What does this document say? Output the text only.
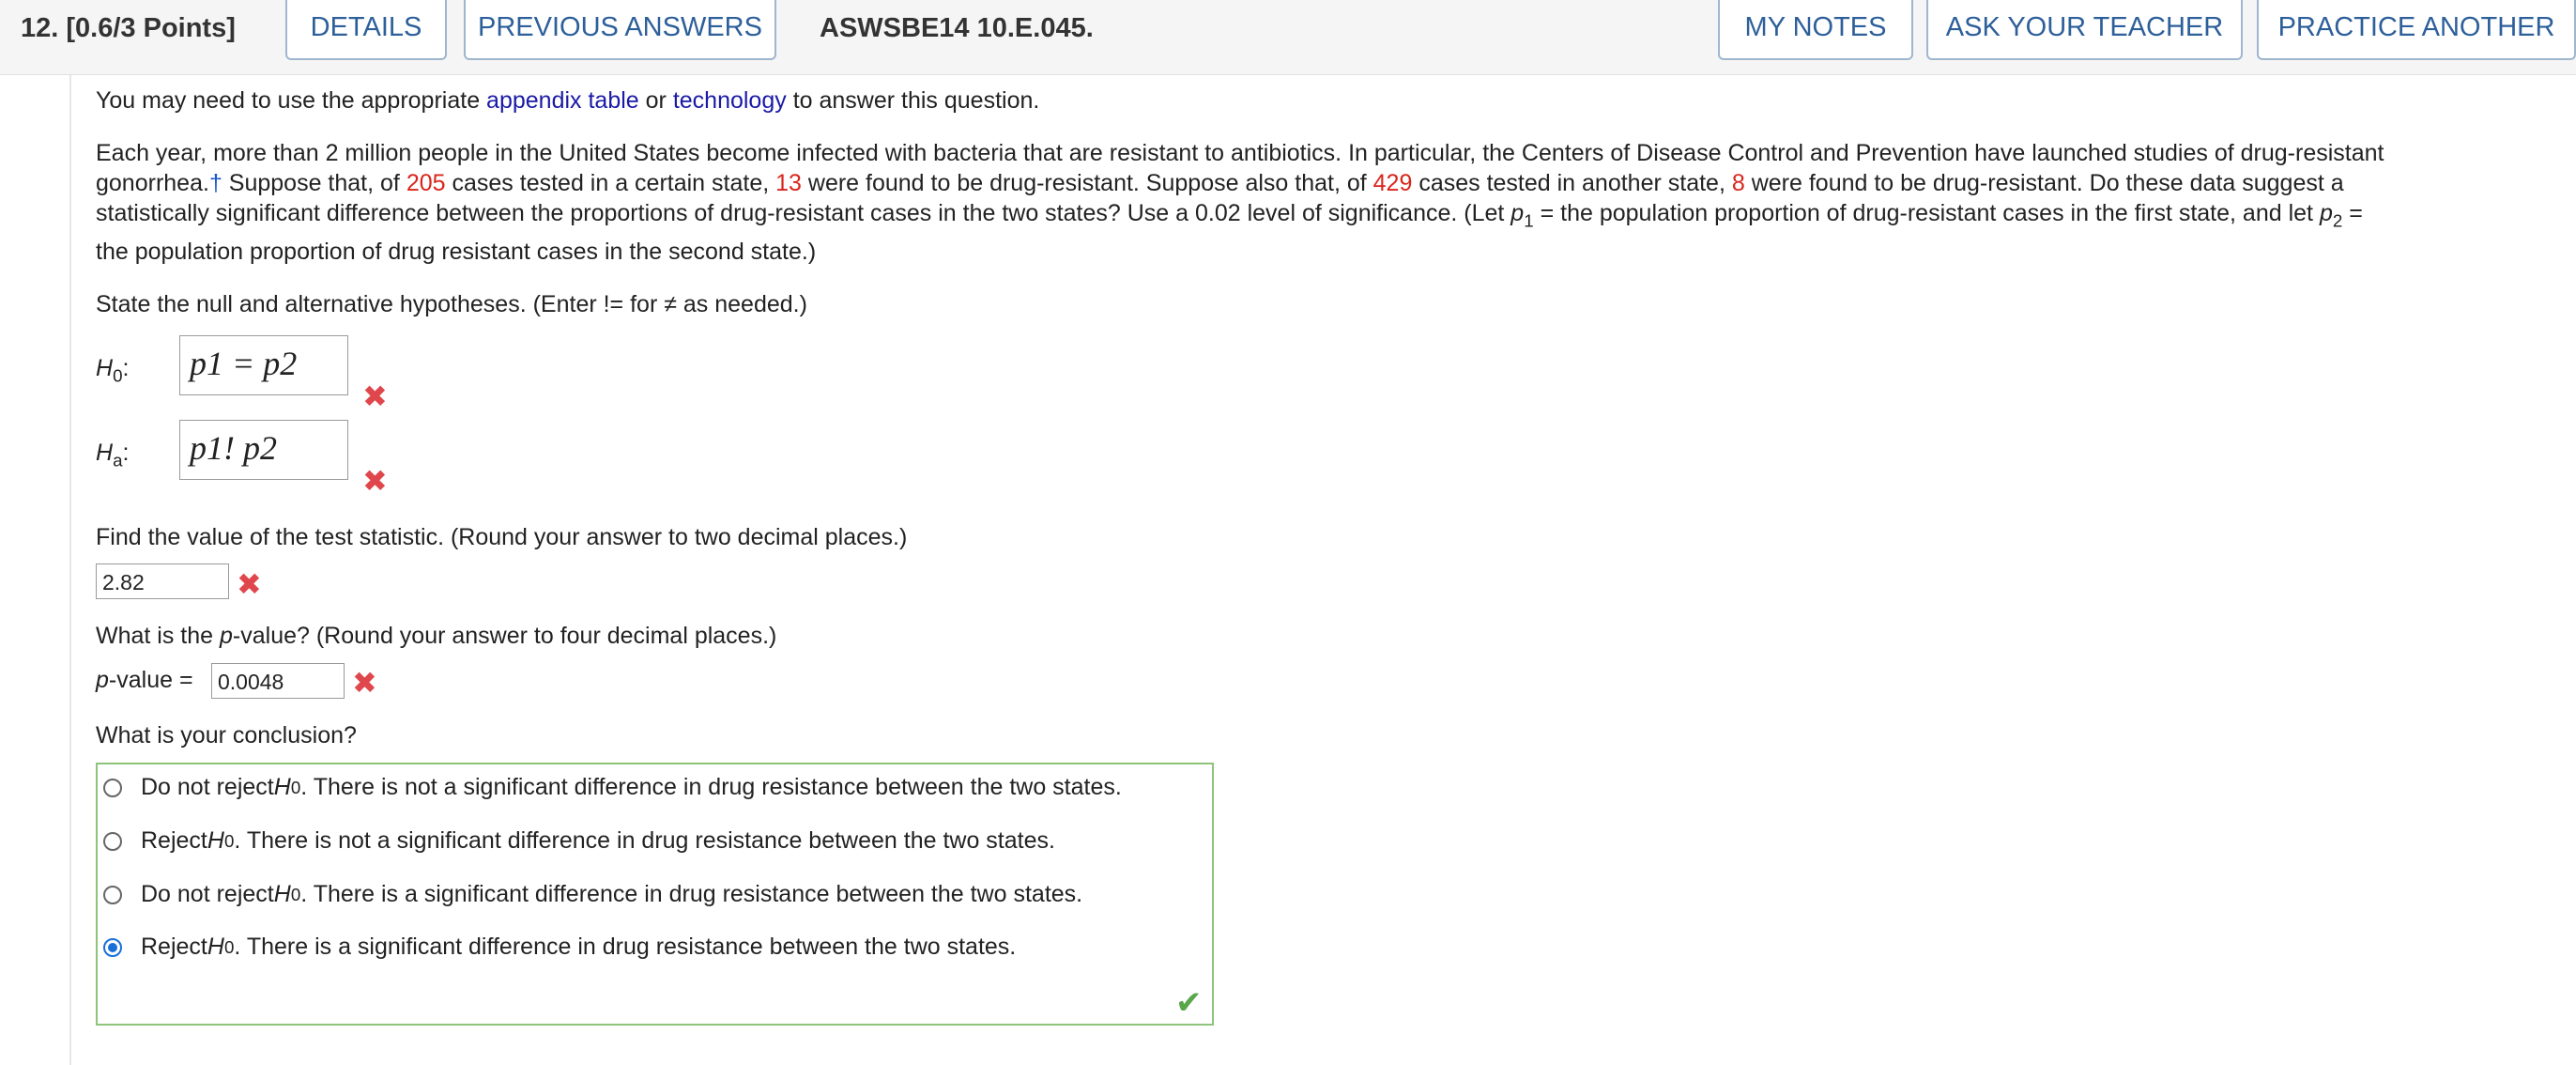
12. [0.6/3 Points]	DETAILS	PREVIOUS ANSWERS	ASWSBE14 10.E.045.	MY NOTES	ASK YOUR TEACHER	PRACTICE ANOTHER
You may need to use the appropriate appendix table or technology to answer this question.
Each year, more than 2 million people in the United States become infected with bacteria that are resistant to antibiotics. In particular, the Centers of Disease Control and Prevention have launched studies of drug-resistant
gonorrhea.† Suppose that, of 205 cases tested in a certain state, 13 were found to be drug-resistant. Suppose also that, of 429 cases tested in another state, 8 were found to be drug-resistant. Do these data suggest a
statistically significant difference between the proportions of drug-resistant cases in the two states? Use a 0.02 level of significance. (Let $p_1$ = the population proportion of drug-resistant cases in the first state, and let $p_2$ =
the population proportion of drug resistant cases in the second state.)
State the null and alternative hypotheses. (Enter != for ≠ as needed.)
$H_0$:	p1 = p2
✖
$H_a$:	p1! p2
✖
Find the value of the test statistic. (Round your answer to two decimal places.)
2.82	✖
What is the p-value? (Round your answer to four decimal places.)
p-value =	0.0048	✖
What is your conclusion?
Do not reject H 0 . There is not a significant difference in drug resistance between the two states.
Reject H 0 . There is not a significant difference in drug resistance between the two states.
Do not reject H 0 . There is a significant difference in drug resistance between the two states.
Reject H 0 . There is a significant difference in drug resistance between the two states.
✔
